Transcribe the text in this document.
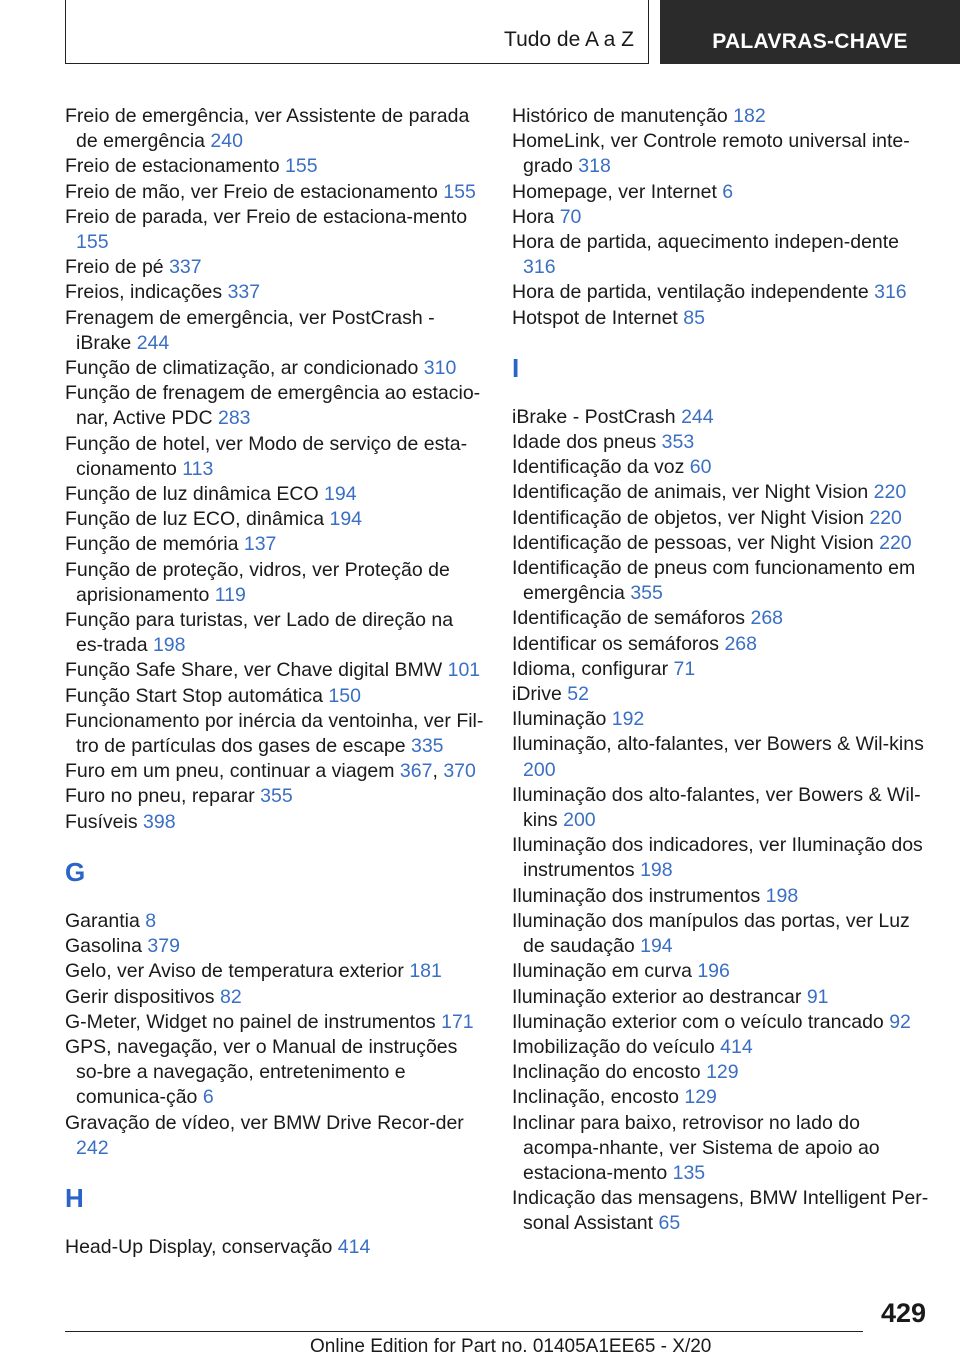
Tudo de A a Z	PALAVRAS-CHAVE
Freio de emergência, ver Assistente de parada de emergência 240
Freio de estacionamento 155
Freio de mão, ver Freio de estacionamento 155
Freio de parada, ver Freio de estaciona-mento 155
Freio de pé 337
Freios, indicações 337
Frenagem de emergência, ver PostCrash - iBrake 244
Função de climatização, ar condicionado 310
Função de frenagem de emergência ao estacio-nar, Active PDC 283
Função de hotel, ver Modo de serviço de esta-cionamento 113
Função de luz dinâmica ECO 194
Função de luz ECO, dinâmica 194
Função de memória 137
Função de proteção, vidros, ver Proteção de aprisionamento 119
Função para turistas, ver Lado de direção na es-trada 198
Função Safe Share, ver Chave digital BMW 101
Função Start Stop automática 150
Funcionamento por inércia da ventoinha, ver Fil-tro de partículas dos gases de escape 335
Furo em um pneu, continuar a viagem 367, 370
Furo no pneu, reparar 355
Fusíveis 398
G
Garantia 8
Gasolina 379
Gelo, ver Aviso de temperatura exterior 181
Gerir dispositivos 82
G-Meter, Widget no painel de instrumentos 171
GPS, navegação, ver o Manual de instruções so-bre a navegação, entretenimento e comunica-ção 6
Gravação de vídeo, ver BMW Drive Recor-der 242
H
Head-Up Display, conservação 414
Histórico de manutenção 182
HomeLink, ver Controle remoto universal inte-grado 318
Homepage, ver Internet 6
Hora 70
Hora de partida, aquecimento indepen-dente 316
Hora de partida, ventilação independente 316
Hotspot de Internet 85
I
iBrake - PostCrash 244
Idade dos pneus 353
Identificação da voz 60
Identificação de animais, ver Night Vision 220
Identificação de objetos, ver Night Vision 220
Identificação de pessoas, ver Night Vision 220
Identificação de pneus com funcionamento em emergência 355
Identificação de semáforos 268
Identificar os semáforos 268
Idioma, configurar 71
iDrive 52
Iluminação 192
Iluminação, alto-falantes, ver Bowers & Wil-kins 200
Iluminação dos alto-falantes, ver Bowers & Wil-kins 200
Iluminação dos indicadores, ver Iluminação dos instrumentos 198
Iluminação dos instrumentos 198
Iluminação dos manípulos das portas, ver Luz de saudação 194
Iluminação em curva 196
Iluminação exterior ao destrancar 91
Iluminação exterior com o veículo trancado 92
Imobilização do veículo 414
Inclinação do encosto 129
Inclinação, encosto 129
Inclinar para baixo, retrovisor no lado do acompa-nhante, ver Sistema de apoio ao estaciona-mento 135
Indicação das mensagens, BMW Intelligent Per-sonal Assistant 65
429
Online Edition for Part no. 01405A1EE65 - X/20
